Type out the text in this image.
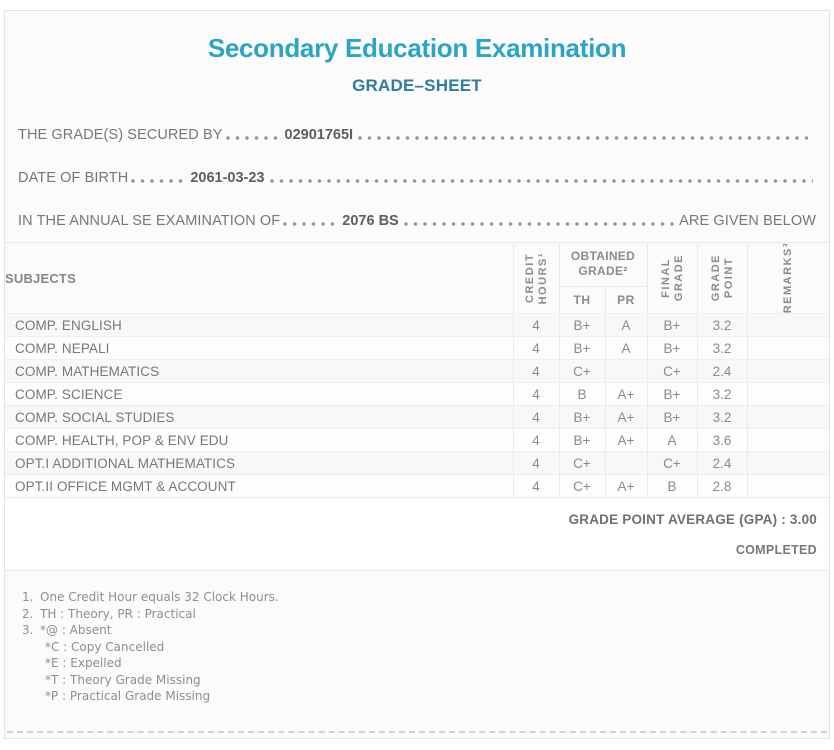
Secondary Education Examination
GRADE–SHEET
THE GRADE(S) SECURED BY	02901765I
DATE OF BIRTH	2061-03-23
IN THE ANNUAL SE EXAMINATION OF	2076 BS	ARE GIVEN BELOW
SUBJECTS	CREDIT HOURS¹	OBTAINED GRADE²		FINAL GRADE	GRADE POINT	REMARKS³

		TH	PR			
COMP. ENGLISH	4	B+	A	B+	3.2	
COMP. NEPALI	4	B+	A	B+	3.2	
COMP. MATHEMATICS	4	C+		C+	2.4	
COMP. SCIENCE	4	B	A+	B+	3.2	
COMP. SOCIAL STUDIES	4	B+	A+	B+	3.2	
COMP. HEALTH, POP & ENV EDU	4	B+	A+	A	3.6	
OPT.I ADDITIONAL MATHEMATICS	4	C+		C+	2.4	
OPT.II OFFICE MGMT & ACCOUNT	4	C+	A+	B	2.8	
GRADE POINT AVERAGE (GPA) : 3.00
COMPLETED
1. One Credit Hour equals 32 Clock Hours.
2. TH : Theory, PR : Practical
3. *@ : Absent
*C : Copy Cancelled
*E : Expelled
*T : Theory Grade Missing
*P : Practical Grade Missing
